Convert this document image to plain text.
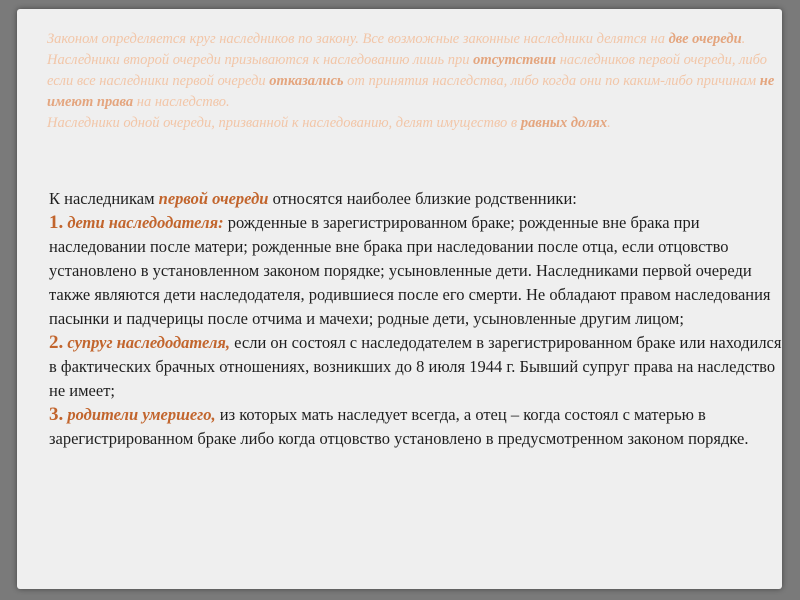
Законом определяется круг наследников по закону. Все возможные законные наследники делятся на две очереди.

Наследники второй очереди призываются к наследованию лишь при отсутствии наследников первой очереди, либо если все наследники первой очереди отказались от принятия наследства, либо когда они по каким-либо причинам не имеют права на наследство.

Наследники одной очереди, призванной к наследованию, делят имущество в равных долях.

К наследникам первой очереди относятся наиболее близкие родственники:

1. дети наследодателя: рожденные в зарегистрированном браке; рожденные вне брака при наследовании после матери; рожденные вне брака при наследовании после отца, если отцовство установлено в установленном законом порядке; усыновленные дети. Наследниками первой очереди также являются дети наследодателя, родившиеся после его смерти. Не обладают правом наследования пасынки и падчерицы после отчима и мачехи; родные дети, усыновленные другим лицом;

2. супруг наследодателя, если он состоял с наследодателем в зарегистрированном браке или находился в фактических брачных отношениях, возникших до 8 июля 1944 г. Бывший супруг права на наследство не имеет;

3. родители умершего, из которых мать наследует всегда, а отец – когда состоял с матерью в зарегистрированном браке либо когда отцовство установлено в предусмотренном законом порядке.
